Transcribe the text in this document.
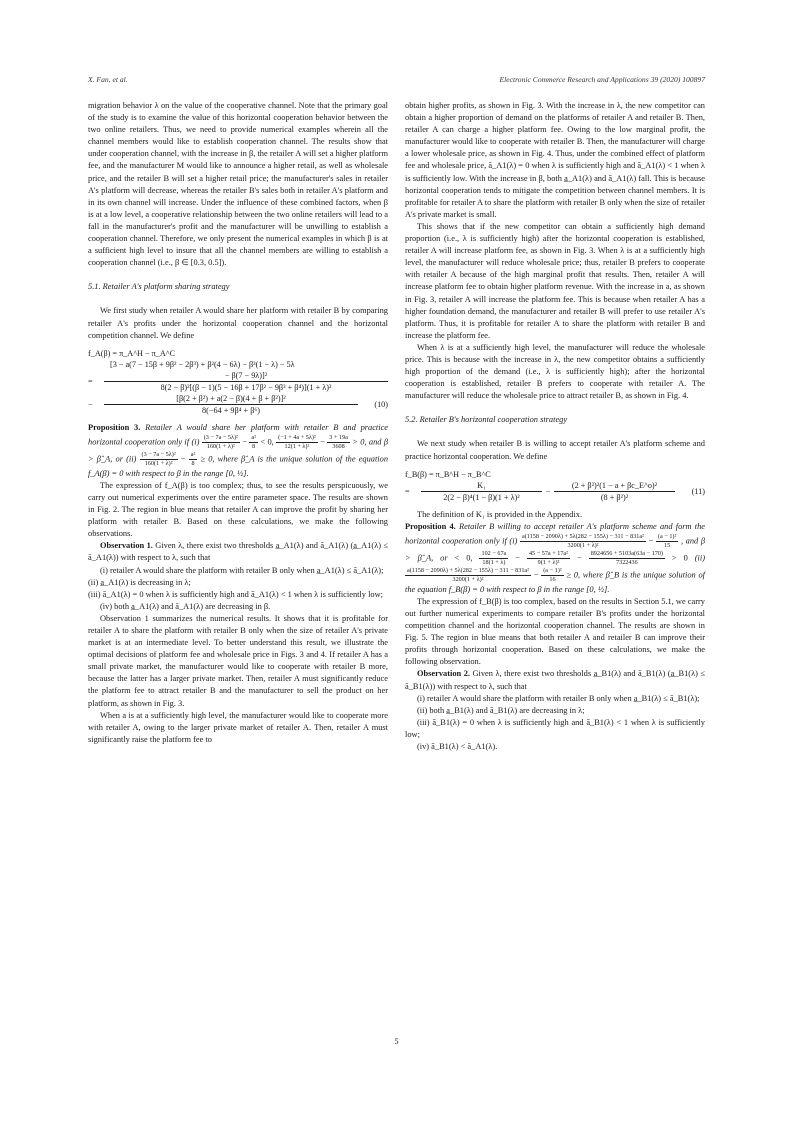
X. Fan, et al.	Electronic Commerce Research and Applications 39 (2020) 100897

migration behavior λ on the value of the cooperative channel. Note that the primary goal of the study is to examine the value of this horizontal cooperation behavior between the two online retailers. Thus, we need to provide numerical examples wherein all the channel members would like to establish cooperation channel. The results show that under cooperation channel, with the increase in β, the retailer A will set a higher platform fee, and the manufacturer M would like to announce a higher retail, as well as wholesale price, and the retailer B will set a higher retail price; the manufacturer's sales in retailer A's platform will decrease, whereas the retailer B's sales both in retailer A's platform and in its own channel will increase. Under the influence of these combined factors, when β is at a low level, a cooperative relationship between the two online retailers will lead to a fall in the manufacturer's profit and the manufacturer will be unwilling to establish a cooperation channel. Therefore, we only present the numerical examples in which β is at a sufficient high level to insure that all the channel members are willing to establish a cooperation channel (i.e., β ∈ [0.3, 0.5]).

5.1. Retailer A's platform sharing strategy

We first study when retailer A would share her platform with retailer B by comparing retailer A's profits under the horizontal cooperation channel and the horizontal competition channel. We define

f_A(β) = π_A^H − π_A^C
[3 − a(7 − 15β + 9β² − 2β³) + β²(4 − 6λ) − β³(1 − λ) − 5λ
=	$\frac{\text{− β(7 − 9λ)]²}}{\text{8(2 − β)²[(β − 1)(5 − 16β + 17β² − 9β³ + β⁴)](1 + λ)²}}$
−	$\frac{\text{[β(2 + β²) + a(2 − β)(4 + β + β²)]²}}{\text{8(−64 + 9β⁴ + β⁶)}}$	(10)

Proposition 3. Retailer A would share her platform with retailer B and practice horizontal cooperation only if $(i) \frac{\text{(3 − 7a − 5λ)²}}{\text{160(1 + λ)²}} - \frac{\text{a²}}{8} < 0$, $\frac{\text{(−1 + 4a + 5λ)²}}{\text{12(1 + λ)²}} - \frac{3 + 19a}{3608} > 0$, and β > β̂_A, or $(ii) \frac{\text{(3 − 7a − 5λ)²}}{\text{160(1 + λ)²}} - \frac{\text{a²}}{8} \ge 0$, where β̂_A is the unique solution of the equation f_A(β) = 0 with respect to β in the range [0, ½].

The expression of f_A(β) is too complex; thus, to see the results perspicuously, we carry out numerical experiments over the entire parameter space. The results are shown in Fig. 2. The region in blue means that retailer A can improve the profit by sharing her platform with retailer B. Based on these calculations, we make the following observations.

Observation 1. Given λ, there exist two thresholds a̲_A1(λ) and ā_A1(λ) (a̲_A1(λ) ≤ ā_A1(λ)) with respect to λ, such that

(i) retailer A would share the platform with retailer B only when a̲_A1(λ) ≤ ā_A1(λ);

(ii) a̲_A1(λ) is decreasing in λ;

(iii) ā_A1(λ) = 0 when λ is sufficiently high and ā_A1(λ) < 1 when λ is sufficiently low;

(iv) both a̲_A1(λ) and ā_A1(λ) are decreasing in β.

Observation 1 summarizes the numerical results. It shows that it is profitable for retailer A to share the platform with retailer B only when the size of retailer A's private market is at an intermediate level. To better understand this result, we illustrate the optimal decisions of platform fee and wholesale price in Figs. 3 and 4. If retailer A has a small private market, the manufacturer would like to cooperate with retailer B more, because the latter has a larger private market. Then, retailer A must significantly reduce the platform fee to attract retailer B and the manufacturer to sell the product on her platform, as shown in Fig. 3.

When a is at a sufficiently high level, the manufacturer would like to cooperate more with retailer A, owing to the larger private market of retailer A. Then, retailer A must significantly raise the platform fee to

obtain higher profits, as shown in Fig. 3. With the increase in λ, the new competitor can obtain a higher proportion of demand on the platforms of retailer A and retailer B. Then, retailer A can charge a higher platform fee. Owing to the low marginal profit, the manufacturer would like to cooperate with retailer B. Then, the manufacturer will charge a lower wholesale price, as shown in Fig. 4. Thus, under the combined effect of platform fee and wholesale price, ā_A1(λ) = 0 when λ is sufficiently high and ā_A1(λ) < 1 when λ is sufficiently low. With the increase in β, both a̲_A1(λ) and ā_A1(λ) fall. This is because horizontal cooperation tends to mitigate the competition between channel members. It is profitable for retailer A to share the platform with retailer B only when the size of retailer A's private market is small.

This shows that if the new competitor can obtain a sufficiently high demand proportion (i.e., λ is sufficiently high) after the horizontal cooperation is established, retailer A will increase platform fee, as shown in Fig. 3. When λ is at a sufficiently high level, the manufacturer will reduce wholesale price; thus, retailer B prefers to cooperate with retailer A because of the high marginal profit that results. Then, retailer A will increase platform fee to obtain higher platform revenue. With the increase in a, as shown in Fig. 3, retailer A will increase the platform fee. This is because when retailer A has a higher foundation demand, the manufacturer and retailer B will prefer to use retailer A's platform. Thus, it is profitable for retailer A to share the platform with retailer B and increase the platform fee.

When λ is at a sufficiently high level, the manufacturer will reduce the wholesale price. This is because with the increase in λ, the new competitor obtains a sufficiently high proportion of the demand (i.e., λ is sufficiently high); after the horizontal cooperation is established, retailer B prefers to cooperate with retailer A. The manufacturer will reduce the wholesale price to attract retailer B, as shown in Fig. 4.

5.2. Retailer B's horizontal cooperation strategy

We next study when retailer B is willing to accept retailer A's platform scheme and practice horizontal cooperation. We define

f_B(β) = π_B^H − π_B^C
=	$\frac{\text{K₁}}{\text{2(2 − β)⁴(1 − β)(1 + λ)²}} - \frac{\text{(2 + β²)²(1 − a + βc\_E\textasciicircum{}o)²}}{\text{(8 + β²)²}}$	(11)

The definition of K₁ is provided in the Appendix.

Proposition 4. Retailer B willing to accept retailer A's platform scheme and form the horizontal cooperation only if $(i) \frac{\text{a(1158 − 2090λ) + 5λ(282 − 155λ) − 311 − 831a²}}{\text{3200(1 + λ)²}} - \frac{\text{(a − 1)²}}{15}$ , and β > β̂_A, or < 0, $\frac{102 - 67a}{18(1 + \lambda)} - \frac{\text{45 − 57a + 17a²}}{\text{9(1 + λ)²}} - \frac{8924656 + 5103a(63a - 170)}{7322436} > 0$ (ii)
$\frac{\text{a(1158 − 2090λ) + 5λ(282 − 155λ) − 311 − 831a²}}{\text{3200(1 + λ)²}} - \frac{\text{(a − 1)²}}{16} \ge 0$, where β̂_B is the unique solution of the equation f_B(β) = 0 with respect to β in the range [0, ½].

The expression of f_B(β) is too complex, based on the results in Section 5.1, we carry out further numerical experiments to compare retailer B's profits under the horizontal competition channel and the horizontal cooperation channel. The results are shown in Fig. 5. The region in blue means that both retailer A and retailer B can improve their profits through horizontal cooperation. Based on these calculations, we make the following observation.

Observation 2. Given λ, there exist two thresholds a̲_B1(λ) and ā_B1(λ) (a̲_B1(λ) ≤ ā_B1(λ)) with respect to λ, such that

(i) retailer A would share the platform with retailer B only when a̲_B1(λ) ≤ ā_B1(λ);

(ii) both a̲_B1(λ) and ā_B1(λ) are decreasing in λ;

(iii) ā_B1(λ) = 0 when λ is sufficiently high and ā_B1(λ) < 1 when λ is sufficiently low;

(iv) ā_B1(λ) < ā_A1(λ).

5
